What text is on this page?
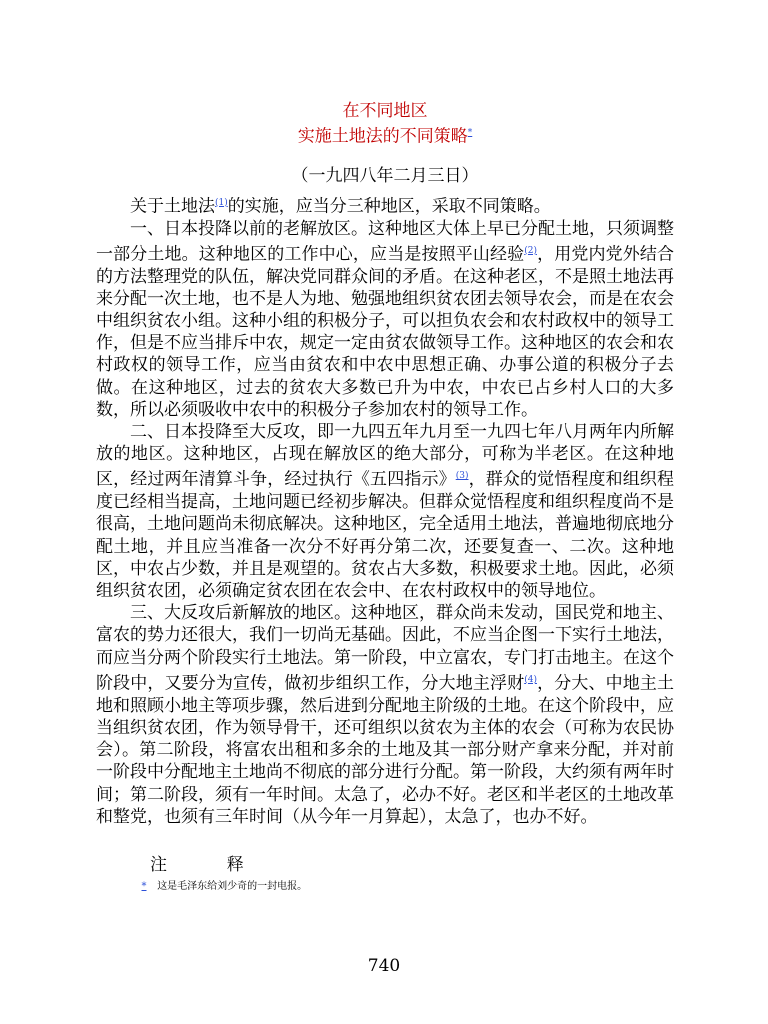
在不同地区
实施土地法的不同策略*
（一九四八年二月三日）

关于土地法$^{(1)}$的实施，应当分三种地区，采取不同策略。

一、日本投降以前的老解放区。这种地区大体上早已分配土地，只须调整一部分土地。这种地区的工作中心，应当是按照平山经验$^{(2)}$，用党内党外结合的方法整理党的队伍，解决党同群众间的矛盾。在这种老区，不是照土地法再来分配一次土地，也不是人为地、勉强地组织贫农团去领导农会，而是在农会中组织贫农小组。这种小组的积极分子，可以担负农会和农村政权中的领导工作，但是不应当排斥中农，规定一定由贫农做领导工作。这种地区的农会和农村政权的领导工作，应当由贫农和中农中思想正确、办事公道的积极分子去做。在这种地区，过去的贫农大多数已升为中农，中农已占乡村人口的大多数，所以必须吸收中农中的积极分子参加农村的领导工作。

二、日本投降至大反攻，即一九四五年九月至一九四七年八月两年内所解放的地区。这种地区，占现在解放区的绝大部分，可称为半老区。在这种地区，经过两年清算斗争，经过执行《五四指示》$^{(3)}$，群众的觉悟程度和组织程度已经相当提高，土地问题已经初步解决。但群众觉悟程度和组织程度尚不是很高，土地问题尚未彻底解决。这种地区，完全适用土地法，普遍地彻底地分配土地，并且应当准备一次分不好再分第二次，还要复查一、二次。这种地区，中农占少数，并且是观望的。贫农占大多数，积极要求土地。因此，必须组织贫农团，必须确定贫农团在农会中、在农村政权中的领导地位。

三、大反攻后新解放的地区。这种地区，群众尚未发动，国民党和地主、富农的势力还很大，我们一切尚无基础。因此，不应当企图一下实行土地法，而应当分两个阶段实行土地法。第一阶段，中立富农，专门打击地主。在这个阶段中，又要分为宣传，做初步组织工作，分大地主浮财$^{(4)}$，分大、中地主土地和照顾小地主等项步骤，然后进到分配地主阶级的土地。在这个阶段中，应当组织贫农团，作为领导骨干，还可组织以贫农为主体的农会（可称为农民协会）。第二阶段，将富农出租和多余的土地及其一部分财产拿来分配，并对前一阶段中分配地主土地尚不彻底的部分进行分配。第一阶段，大约须有两年时间；第二阶段，须有一年时间。太急了，必办不好。老区和半老区的土地改革和整党，也须有三年时间（从今年一月算起），太急了，也办不好。

注 释
* 这是毛泽东给刘少奇的一封电报。
740
